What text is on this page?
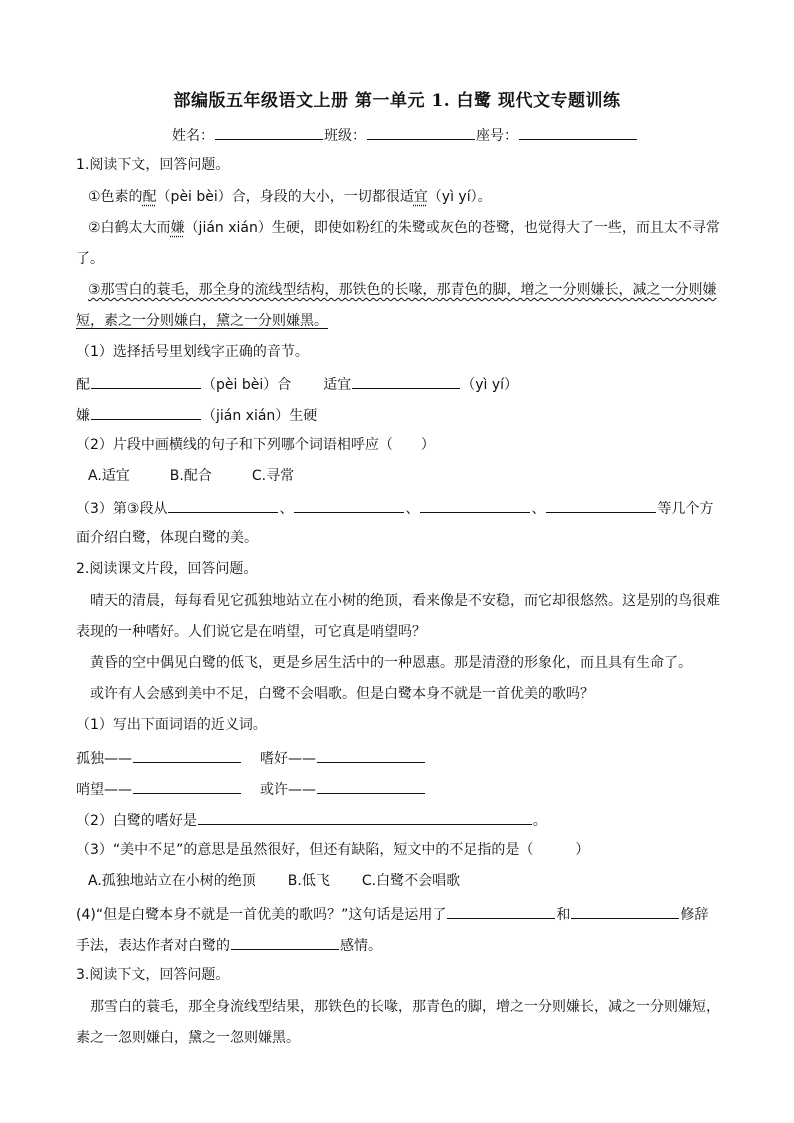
部编版五年级语文上册 第一单元 1. 白鹭 现代文专题训练
姓名：	班级：	座号：
1.阅读下文，回答问题。
①色素的配（pèi bèi）合，身段的大小，一切都很适宜（yì yí）。
②白鹤太大而嫌（jián xián）生硬，即使如粉红的朱鹭或灰色的苍鹭，也觉得大了一些，而且太不寻常
了。
③那雪白的蓑毛，那全身的流线型结构，那铁色的长喙，那青色的脚，增之一分则嫌长，减之一分则嫌
短，素之一分则嫌白，黛之一分则嫌黑。
（1）选择括号里划线字正确的音节。
配	（pèi bèi）合 适宜	（yì yí）
嫌	（jián xián）生硬
（2）片段中画横线的句子和下列哪个词语相呼应（　　）
A.适宜	B.配合	C.寻常
（3）第③段从	、	、	、	等几个方
面介绍白鹭，体现白鹭的美。
2.阅读课文片段，回答问题。
晴天的清晨，每每看见它孤独地站立在小树的绝顶，看来像是不安稳，而它却很悠然。这是别的鸟很难
表现的一种嗜好。人们说它是在哨望，可它真是哨望吗？
黄昏的空中偶见白鹭的低飞，更是乡居生活中的一种恩惠。那是清澄的形象化，而且具有生命了。
或许有人会感到美中不足，白鹭不会唱歌。但是白鹭本身不就是一首优美的歌吗？
（1）写出下面词语的近义词。
孤独——	嗜好——
哨望——	或许——
（2）白鹭的嗜好是	。
（3）“美中不足”的意思是虽然很好，但还有缺陷，短文中的不足指的是（　　　）
A.孤独地站立在小树的绝顶 B.低飞 C.白鹭不会唱歌
(4)“但是白鹭本身不就是一首优美的歌吗？”这句话是运用了	和	修辞
手法，表达作者对白鹭的	感情。
3.阅读下文，回答问题。
那雪白的蓑毛，那全身流线型结果，那铁色的长喙，那青色的脚，增之一分则嫌长，减之一分则嫌短，
素之一忽则嫌白，黛之一忽则嫌黑。
